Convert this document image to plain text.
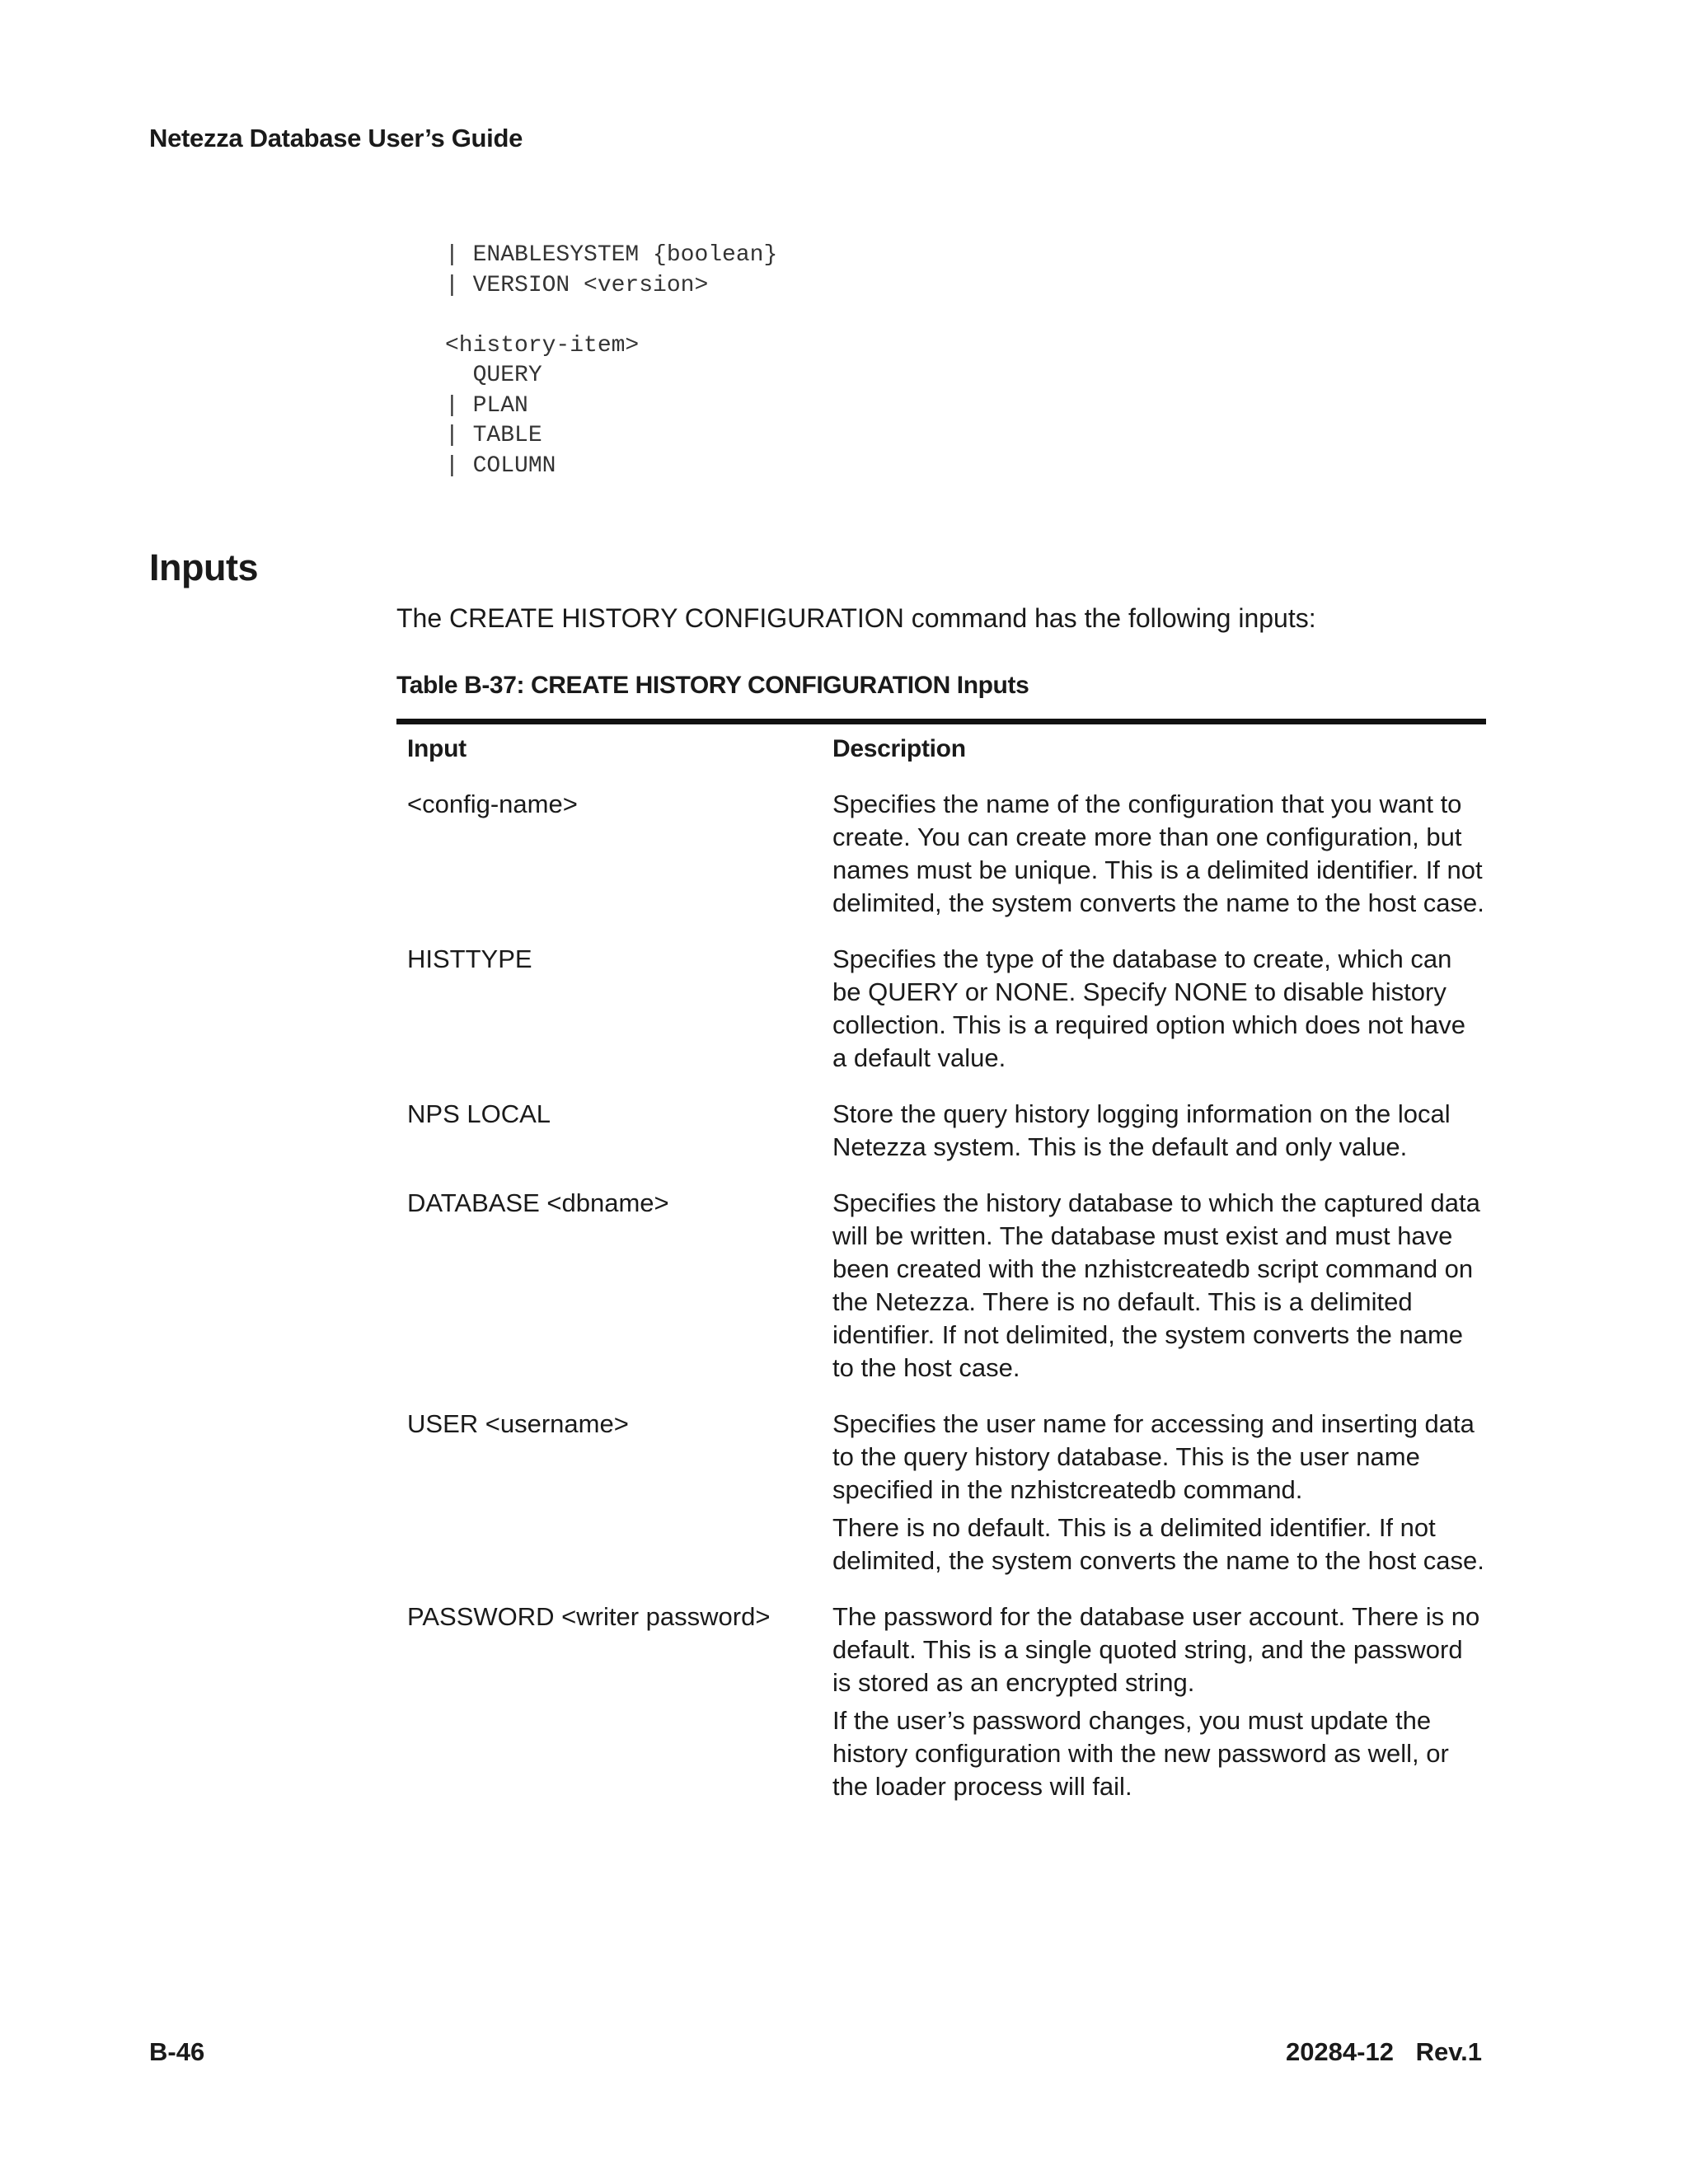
Netezza Database User’s Guide
| ENABLESYSTEM {boolean}
| VERSION <version>

<history-item>
QUERY
| PLAN
| TABLE
| COLUMN
Inputs

The CREATE HISTORY CONFIGURATION command has the following inputs:

Table B-37: CREATE HISTORY CONFIGURATION Inputs

Input	Description
<config-name>	Specifies the name of the configuration that you want to create. You can create more than one configuration, but names must be unique. This is a delimited identifier. If not delimited, the system converts the name to the host case.

HISTTYPE	Specifies the type of the database to create, which can be QUERY or NONE. Specify NONE to disable history collection. This is a required option which does not have a default value.

NPS LOCAL	Store the query history logging information on the local Netezza system. This is the default and only value.

DATABASE <dbname>	Specifies the history database to which the captured data will be written. The database must exist and must have been created with the nzhistcreatedb script command on the Netezza. There is no default. This is a delimited identifier. If not delimited, the system converts the name to the host case.

USER <username>	Specifies the user name for accessing and inserting data to the query history database. This is the user name specified in the nzhistcreatedb command.

There is no default. This is a delimited identifier. If not delimited, the system converts the name to the host case.

PASSWORD <writer password>	The password for the database user account. There is no default. This is a single quoted string, and the password is stored as an encrypted string.

If the user’s password changes, you must update the history configuration with the new password as well, or the loader process will fail.

B-46	20284-12 Rev.1
